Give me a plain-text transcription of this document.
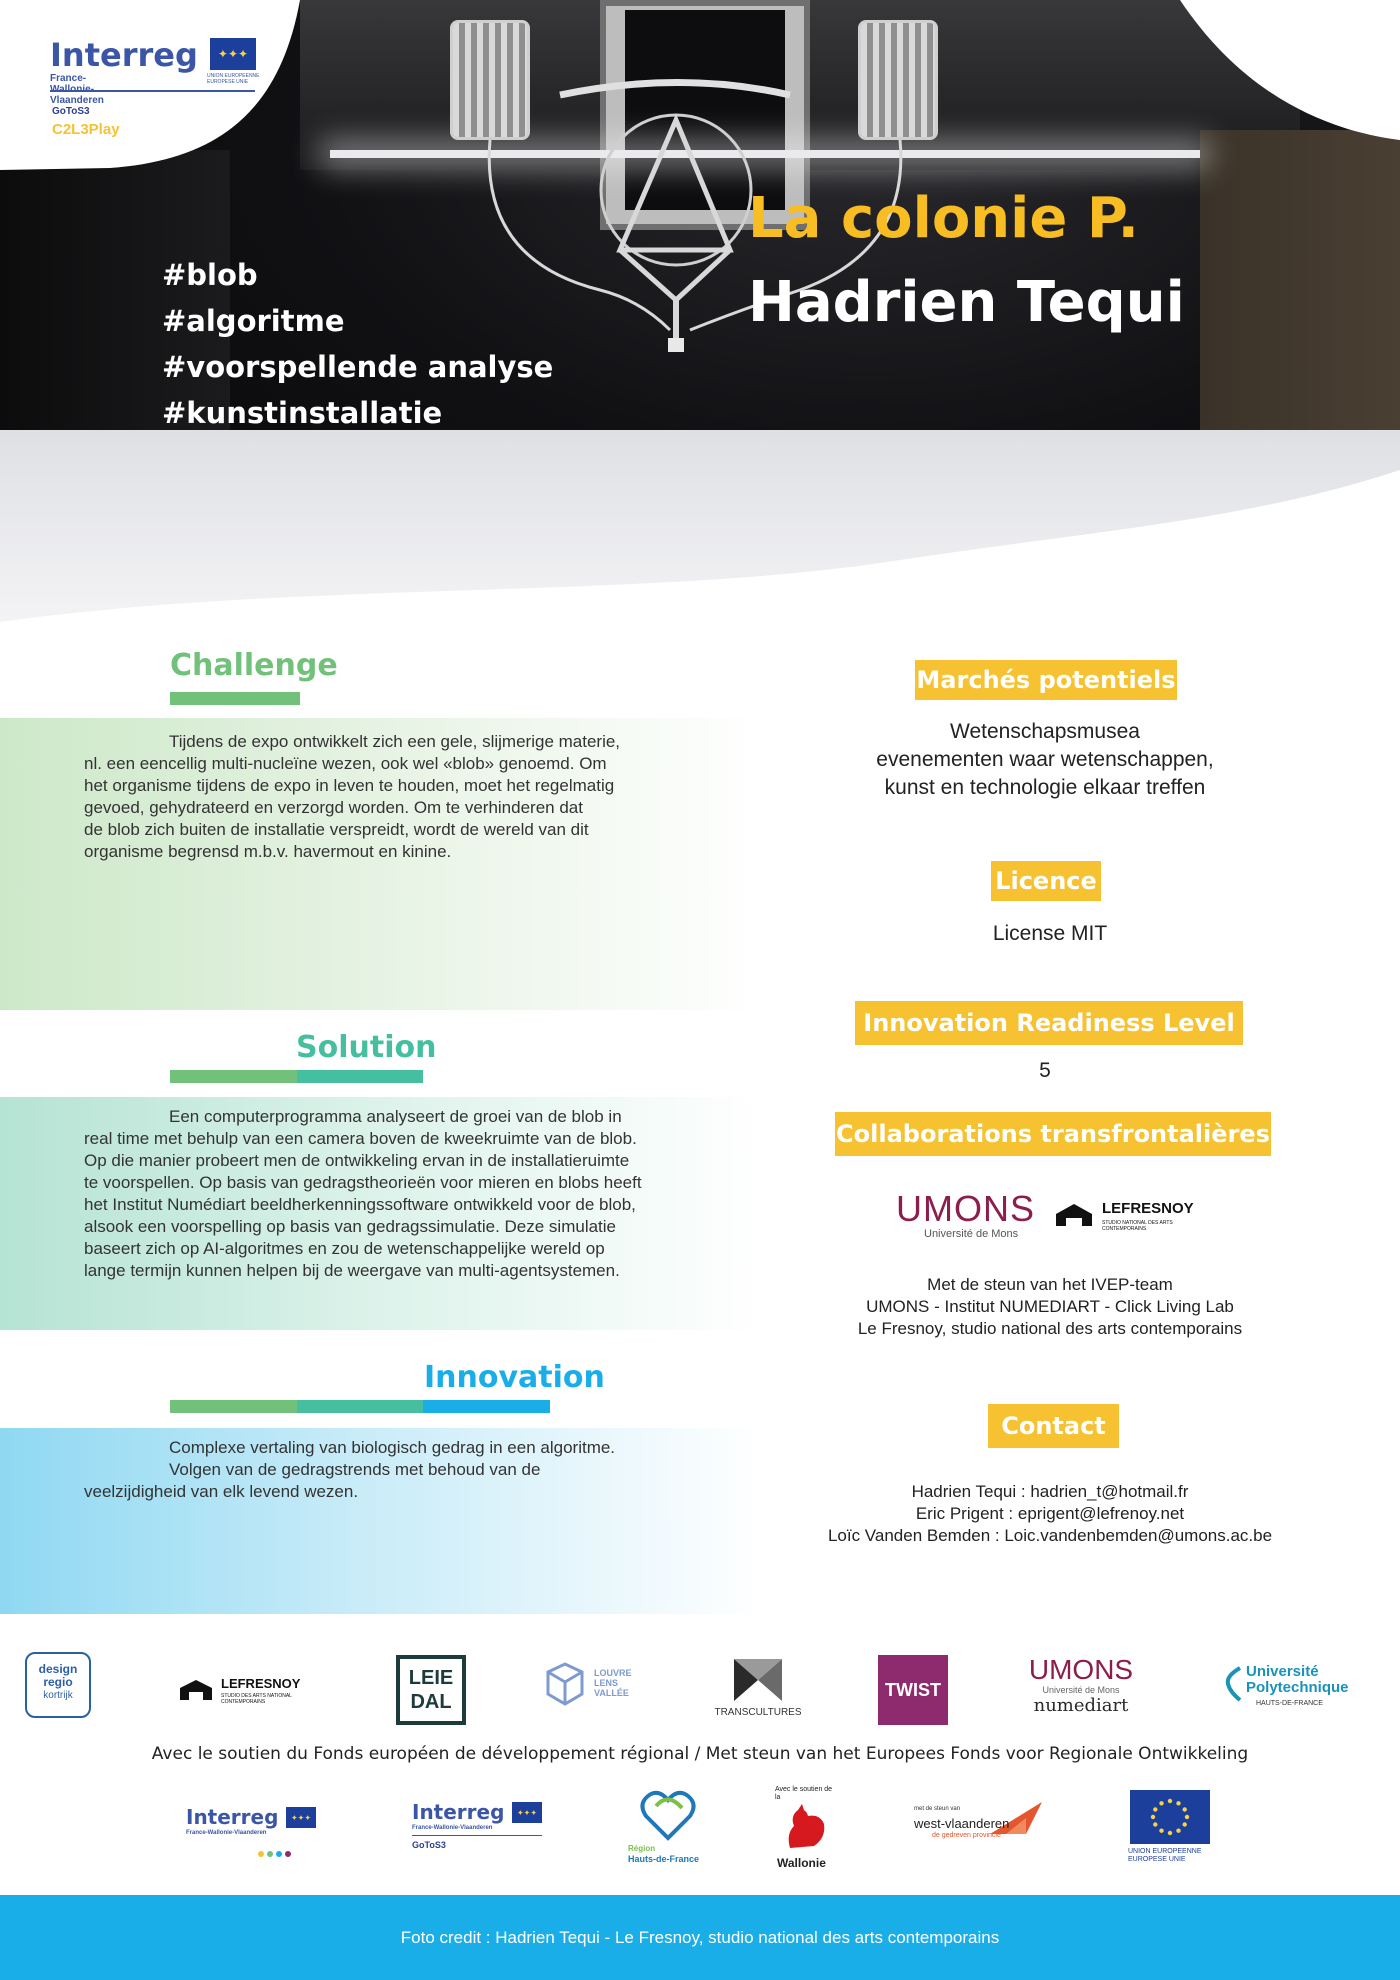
Interreg ✦✦✦
France- Vlaanderen
UNION EUROPEENNE EUROPESE UNIE
GoToS3
C2L3Play
#blob
#algoritme
#voorspellende analyse
#kunstinstallatie
La colonie P.
Hadrien Tequi
Challenge

Tijdens de expo ontwikkelt zich een gele, slijmerige materie,

nl. een eencellig multi-nucleïne wezen, ook wel «blob» genoemd. Om

het organisme tijdens de expo in leven te houden, moet het regelmatig

gevoed, gehydrateerd en verzorgd worden. Om te verhinderen dat

de blob zich buiten de installatie verspreidt, wordt de wereld van dit

organisme begrensd m.b.v. havermout en kinine.

Solution

Een computerprogramma analyseert de groei van de blob in

real time met behulp van een camera boven de kweekruimte van de blob.

Op die manier probeert men de ontwikkeling ervan in de installatieruimte

te voorspellen. Op basis van gedragstheorieën voor mieren en blobs heeft

het Institut Numédiart beeldherkenningssoftware ontwikkeld voor de blob,

alsook een voorspelling op basis van gedragssimulatie. Deze simulatie

baseert zich op AI-algoritmes en zou de wetenschappelijke wereld op

lange termijn kunnen helpen bij de weergave van multi-agentsystemen.

Innovation

Complexe vertaling van biologisch gedrag in een algoritme.

Volgen van de gedragstrends met behoud van de

veelzijdigheid van elk levend wezen.

Marchés potentiels
Wetenschapsmusea
evenementen waar wetenschappen,
kunst en technologie elkaar treffen
Licence
License MIT
Innovation Readiness Level
5
Collaborations transfrontalières
UMONS
Université de Mons
LEFRESNOY
STUDIO NATIONAL DES ARTS CONTEMPORAINS
Met de steun van het IVEP-team
UMONS - Institut NUMEDIART - Click Living Lab
Le Fresnoy, studio national des arts contemporains
Contact
Hadrien Tequi : hadrien_t@hotmail.fr
Eric Prigent : eprigent@lefrenoy.net
Loïc Vanden Bemden : Loic.vandenbemden@umons.ac.be
design
regio
kortrijk
LEFRESNOY
STUDIO DES ARTS NATIONAL CONTEMPORAINS
LEIE
DAL
LOUVRE
LENS
VALLÉE
TRANSCULTURES
TWIST
UMONS
Université de Mons
numediart
Université
Polytechnique
HAUTS-DE-FRANCE
Avec le soutien du Fonds européen de développement régional / Met steun van het Europees Fonds voor Regionale Ontwikkeling
Interreg ✦✦✦
France-Wallonie-Vlaanderen
Interreg ✦✦✦
France-Wallonie-Vlaanderen
GoToS3	Région
Hauts-de-France
Avec le soutien de la
Wallonie
met de steun van
west-vlaanderen
de gedreven provincie
UNION EUROPEENNE
EUROPESE UNIE
Foto credit : Hadrien Tequi - Le Fresnoy, studio national des arts contemporains
